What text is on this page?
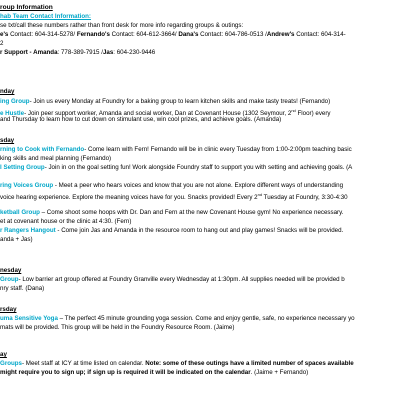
roup Information
hab Team Contact Information:
se txt/call these numbers rather than front desk for more info regarding groups & outings:
e's Contact: 604-314-5278/ Fernando's Contact: 604-612-3664/ Dana's Contact: 604-786-0513 /Andrew's Contact: 604-314-
2
r Support - Amanda: 778-389-7915 /Jas: 604-230-9446
nday
ing Group- Join us every Monday at Foundry for a baking group to learn kitchen skills and make tasty treats! (Fernando)
e Hustle- Join peer support worker, Amanda and social worker, Dan at Covenant House (1302 Seymour, 2nd Floor) every
and Thursday to learn how to cut down on stimulant use, win cool prizes, and achieve goals. (Amanda)
sday
rning to Cook with Fernando- Come learn with Fern! Fernando will be in clinic every Tuesday from 1:00-2:00pm teaching basic
king skills and meal planning (Fernando)
l Setting Group- Join in on the goal setting fun! Work alongside Foundry staff to support you with setting and achieving goals. (A
ring Voices Group - Meet a peer who hears voices and know that you are not alone. Explore different ways of understanding
voice hearing experience. Explore the meaning voices have for you. Snacks provided! Every 2nd Tuesday at Foundry, 3:30-4:30
ketball Group – Come shoot some hoops with Dr. Dan and Fern at the new Covenant House gym! No experience necessary.
et at covenant house or the clinic at 4:30. (Fern)
r Rangers Hangout - Come join Jas and Amanda in the resource room to hang out and play games! Snacks will be provided.
anda + Jas)
nesday
Group- Low barrier art group offered at Foundry Granville every Wednesday at 1:30pm. All supplies needed will be provided b
nry staff. (Dana)
rsday
uma Sensitive Yoga – The perfect 45 minute grounding yoga session. Come and enjoy gentle, safe, no experience necessary yo
mats will be provided. This group will be held in the Foundry Resource Room. (Jaime)
ay
Groups- Meet staff at ICY at time listed on calendar. Note: some of these outings have a limited number of spaces available
might require you to sign up; if sign up is required it will be indicated on the calendar. (Jaime + Fernando)
